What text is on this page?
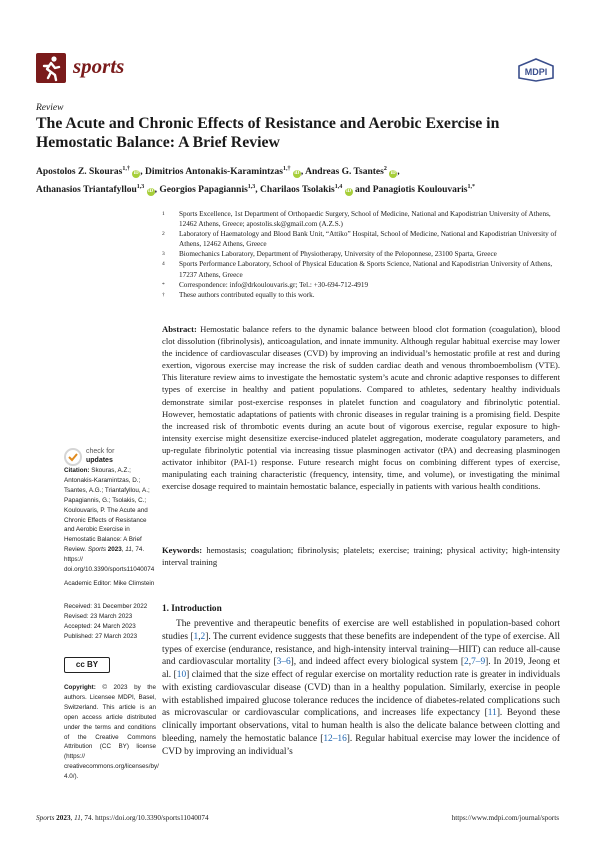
sports	MDPI
Review
The Acute and Chronic Effects of Resistance and Aerobic Exercise in Hemostatic Balance: A Brief Review
Apostolos Z. Skouras$^{1,\dagger}$ iD , Dimitrios Antonakis-Karamintzas$^{1,\dagger}$ iD , Andreas G. Tsantes$^2$ iD ,
Athanasios Triantafyllou$^{1,3}$ iD , Georgios Papagiannis$^{1,3}$, Charilaos Tsolakis$^{1,4}$ iD and Panagiotis Koulouvaris$^{1,*}$
1	Sports Excellence, 1st Department of Orthopaedic Surgery, School of Medicine, National and Kapodistrian University of Athens, 12462 Athens, Greece; apostolis.sk@gmail.com (A.Z.S.)
2	Laboratory of Haematology and Blood Bank Unit, “Attiko” Hospital, School of Medicine, National and Kapodistrian University of Athens, 12462 Athens, Greece
3	Biomechanics Laboratory, Department of Physiotherapy, University of the Peloponnese, 23100 Sparta, Greece
4	Sports Performance Laboratory, School of Physical Education & Sports Science, National and Kapodistrian University of Athens, 17237 Athens, Greece
*	Correspondence: info@drkoulouvaris.gr; Tel.: +30-694-712-4919
†	These authors contributed equally to this work.
Abstract: Hemostatic balance refers to the dynamic balance between blood clot formation (coagulation), blood clot dissolution (fibrinolysis), anticoagulation, and innate immunity. Although regular habitual exercise may lower the incidence of cardiovascular diseases (CVD) by improving an individual’s hemostatic profile at rest and during exertion, vigorous exercise may increase the risk of sudden cardiac death and venous thromboembolism (VTE). This literature review aims to investigate the hemostatic system’s acute and chronic adaptive responses to different types of exercise in healthy and patient populations. Compared to athletes, sedentary healthy individuals demonstrate similar post-exercise responses in platelet function and coagulatory and fibrinolytic potential. However, hemostatic adaptations of patients with chronic diseases in regular training is a promising field. Despite the increased risk of thrombotic events during an acute bout of vigorous exercise, regular exposure to high-intensity exercise might desensitize exercise-induced platelet aggregation, moderate coagulatory parameters, and up-regulate fibrinolytic potential via increasing tissue plasminogen activator (tPA) and decreasing plasminogen activator inhibitor (PAI-1) response. Future research might focus on combining different types of exercise, manipulating each training characteristic (frequency, intensity, time, and volume), or investigating the minimal exercise dosage required to maintain hemostatic balance, especially in patients with various health conditions.
Keywords: hemostasis; coagulation; fibrinolysis; platelets; exercise; training; physical activity; high-intensity interval training
check for
updates
Citation: Skouras, A.Z.; Antonakis-Karamintzas, D.; Tsantes, A.G.; Triantafyllou, A.; Papagiannis, G.; Tsolakis, C.; Koulouvaris, P. The Acute and Chronic Effects of Resistance and Aerobic Exercise in Hemostatic Balance: A Brief Review. Sports 2023, 11, 74. https:// doi.org/10.3390/sports11040074
Academic Editor: Mike Climstein
Received: 31 December 2022
Revised: 23 March 2023
Accepted: 24 March 2023
Published: 27 March 2023
cc BY
Copyright: © 2023 by the authors. Licensee MDPI, Basel, Switzerland. This article is an open access article distributed under the terms and conditions of the Creative Commons Attribution (CC BY) license (https:// creativecommons.org/licenses/by/ 4.0/).
1. Introduction
The preventive and therapeutic benefits of exercise are well established in population-based cohort studies [1,2]. The current evidence suggests that these benefits are independent of the type of exercise. All types of exercise (endurance, resistance, and high-intensity interval training—HIIT) can reduce all-cause and cardiovascular mortality [3–6], and indeed affect every biological system [2,7–9]. In 2019, Jeong et al. [10] claimed that the size effect of regular exercise on mortality reduction rate is greater in individuals with existing cardiovascular disease (CVD) than in a healthy population. Similarly, exercise in people with established impaired glucose tolerance reduces the incidence of diabetes-related complications such as microvascular or cardiovascular complications, and increases life expectancy [11]. Beyond these clinically important observations, vital to human health is also the delicate balance between clotting and bleeding, namely the hemostatic balance [12–16]. Regular habitual exercise may lower the incidence of CVD by improving an individual’s
Sports 2023, 11, 74. https://doi.org/10.3390/sports11040074	https://www.mdpi.com/journal/sports
